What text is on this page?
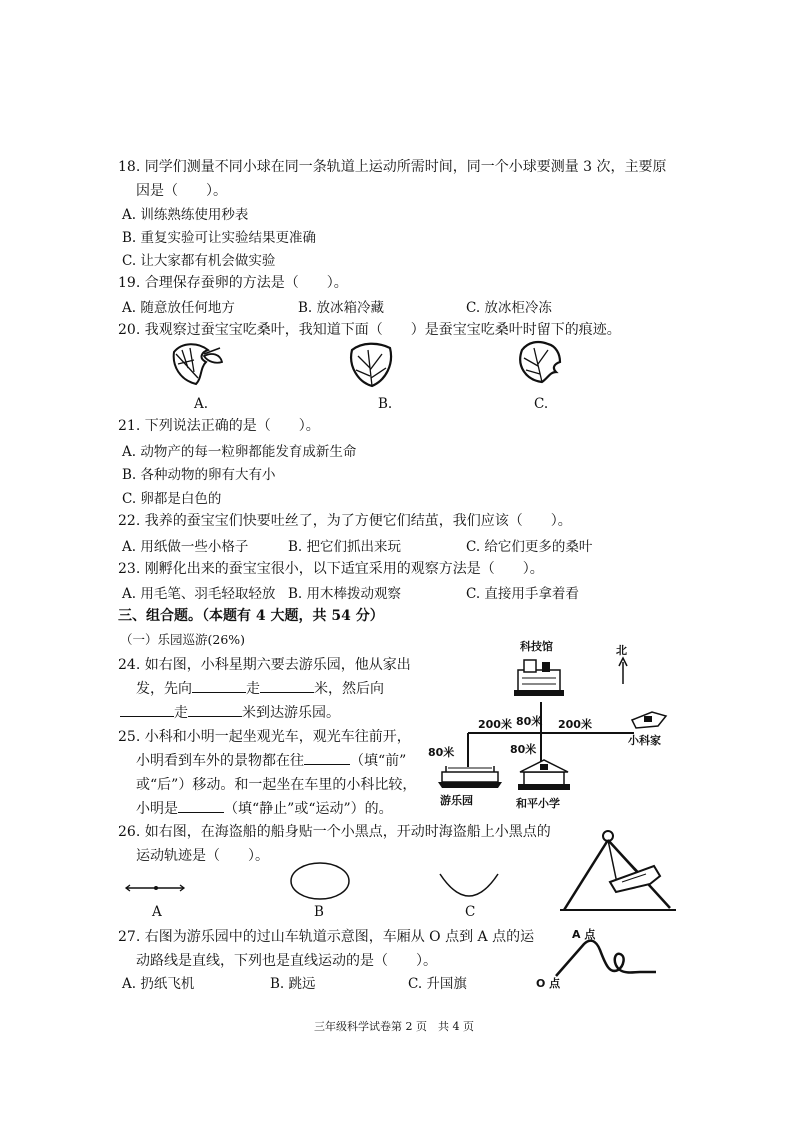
18. 同学们测量不同小球在同一条轨道上运动所需时间，同一个小球要测量 3 次，主要原
因是（　　）。
A. 训练熟练使用秒表
B. 重复实验可让实验结果更准确
C. 让大家都有机会做实验
19. 合理保存蚕卵的方法是（　　）。
A. 随意放任何地方	B. 放冰箱冷藏	C. 放冰柜冷冻
20. 我观察过蚕宝宝吃桑叶，我知道下面（　　）是蚕宝宝吃桑叶时留下的痕迹。
A.	B.	C.
21. 下列说法正确的是（　　）。
A. 动物产的每一粒卵都能发育成新生命
B. 各种动物的卵有大有小
C. 卵都是白色的
22. 我养的蚕宝宝们快要吐丝了，为了方便它们结茧，我们应该（　　）。
A. 用纸做一些小格子	B. 把它们抓出来玩	C. 给它们更多的桑叶
23. 刚孵化出来的蚕宝宝很小，以下适宜采用的观察方法是（　　）。
A. 用毛笔、羽毛轻取轻放 B. 用木棒拨动观察	C. 直接用手拿着看
三、组合题。（本题有 4 大题，共 54 分）
（一）乐园巡游(26%)
24. 如右图，小科星期六要去游乐园，他从家出
发，先向	走	米，然后向
走	米到达游乐园。
25. 小科和小明一起坐观光车，观光车往前开，
小明看到车外的景物都在往	（填“前”
或“后”）移动。和一起坐在车里的小科比较，
小明是	（填“静止”或“运动”）的。
科技馆	北
200米 80米 200米
小科家
80米	80米
游乐园	和平小学
26. 如右图，在海盗船的船身贴一个小黑点，开动时海盗船上小黑点的
运动轨迹是（　　）。
A	B	C
27. 右图为游乐园中的过山车轨道示意图，车厢从 O 点到 A 点的运
动路线是直线，下列也是直线运动的是（　　）。
A. 扔纸飞机	B. 跳远	C. 升国旗
A 点
O 点
三年级科学试卷第 2 页　共 4 页
